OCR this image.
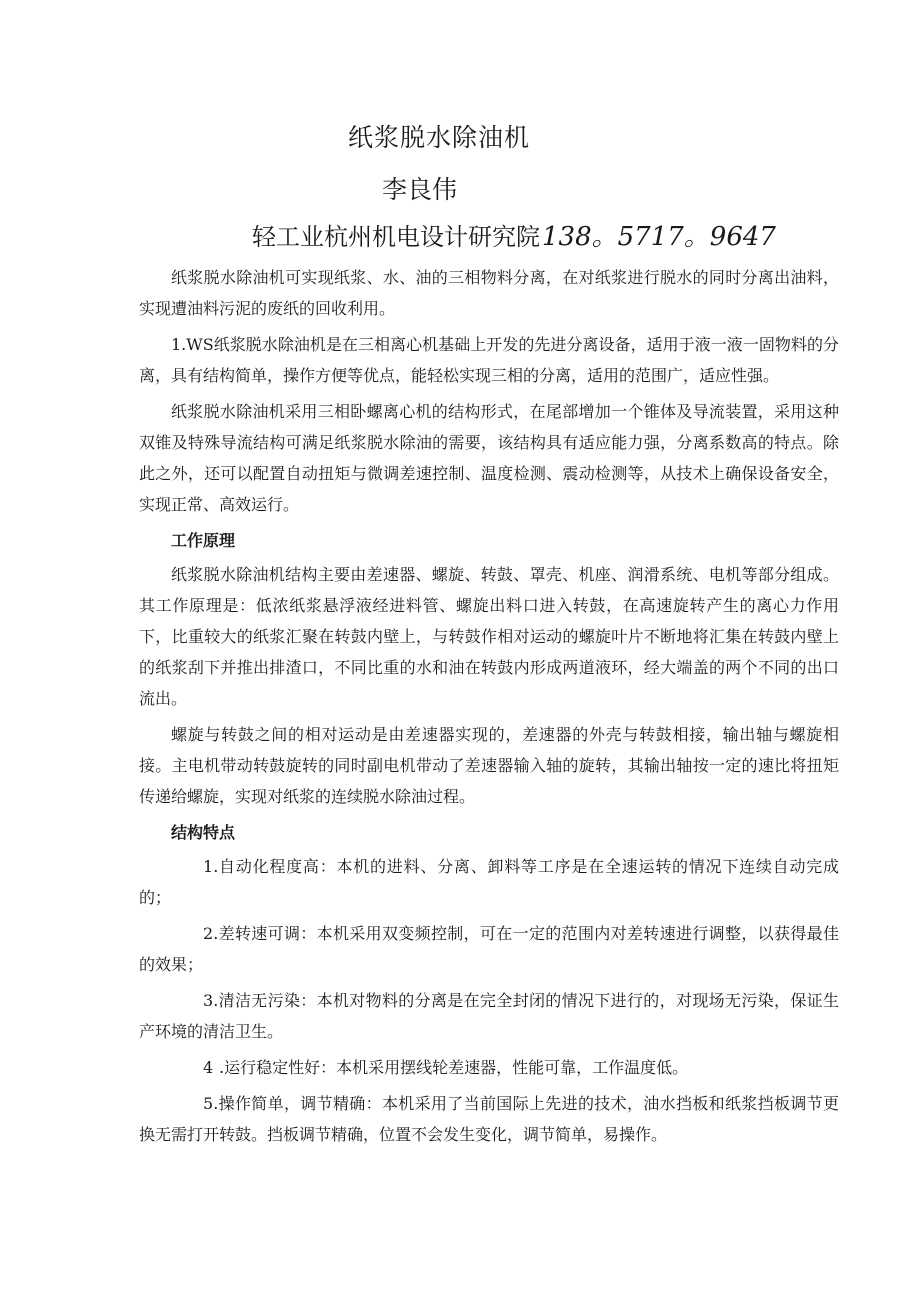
纸浆脱水除油机
李良伟
轻工业杭州机电设计研究院138。5717。9647

纸浆脱水除油机可实现纸浆、水、油的三相物料分离，在对纸浆进行脱水的同时分离出油料，实现遭油料污泥的废纸的回收利用。

1.WS纸浆脱水除油机是在三相离心机基础上开发的先进分离设备，适用于液一液一固物料的分离，具有结构简单，操作方便等优点，能轻松实现三相的分离，适用的范围广，适应性强。

纸浆脱水除油机采用三相卧螺离心机的结构形式，在尾部增加一个锥体及导流装置，采用这种双锥及特殊导流结构可满足纸浆脱水除油的需要，该结构具有适应能力强，分离系数高的特点。除此之外，还可以配置自动扭矩与微调差速控制、温度检测、震动检测等，从技术上确保设备安全，实现正常、高效运行。

工作原理

纸浆脱水除油机结构主要由差速器、螺旋、转鼓、罩壳、机座、润滑系统、电机等部分组成。其工作原理是：低浓纸浆悬浮液经进料管、螺旋出料口进入转鼓，在高速旋转产生的离心力作用下，比重较大的纸浆汇聚在转鼓内壁上，与转鼓作相对运动的螺旋叶片不断地将汇集在转鼓内壁上的纸浆刮下并推出排渣口，不同比重的水和油在转鼓内形成两道液环，经大端盖的两个不同的出口流出。

螺旋与转鼓之间的相对运动是由差速器实现的，差速器的外壳与转鼓相接，输出轴与螺旋相接。主电机带动转鼓旋转的同时副电机带动了差速器输入轴的旋转，其输出轴按一定的速比将扭矩传递给螺旋，实现对纸浆的连续脱水除油过程。

结构特点

1.自动化程度高：本机的进料、分离、卸料等工序是在全速运转的情况下连续自动完成的；

2.差转速可调：本机采用双变频控制，可在一定的范围内对差转速进行调整，以获得最佳的效果；

3.清洁无污染：本机对物料的分离是在完全封闭的情况下进行的，对现场无污染，保证生产环境的清洁卫生。

4 .运行稳定性好：本机采用摆线轮差速器，性能可靠，工作温度低。

5.操作简单，调节精确：本机采用了当前国际上先进的技术，油水挡板和纸浆挡板调节更换无需打开转鼓。挡板调节精确，位置不会发生变化，调节简单，易操作。
